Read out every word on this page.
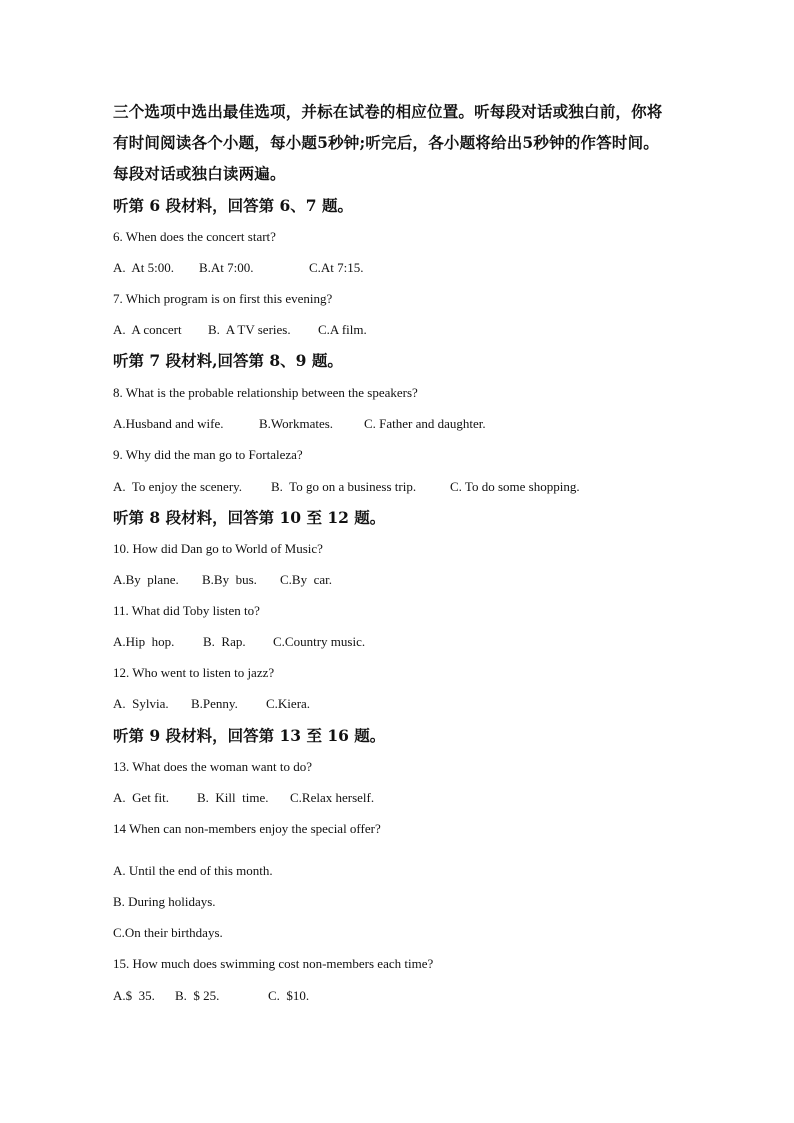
三个选项中选出最佳选项，并标在试卷的相应位置。听每段对话或独白前，你将
有时间阅读各个小题，每小题5秒钟;听完后，各小题将给出5秒钟的作答时间。
每段对话或独白读两遍。
听第 6 段材料，回答第 6、7 题。
6. When does the concert start?
A.  At 5:00. B.At 7:00.	C.At 7:15.
7. Which program is on first this evening?
A.  A concert B.  A TV series. C.A film.
听第 7 段材料,回答第 8、9 题。
8. What is the probable relationship between the speakers?
A.Husband and wife.	B.Workmates. C. Father and daughter.
9. Why did the man go to Fortaleza?
A.  To enjoy the scenery. B.  To go on a business trip.	C. To do some shopping.
听第 8 段材料，回答第 10 至 12 题。
10. How did Dan go to World of Music?
A.By  plane. B.By  bus. C.By  car.
11. What did Toby listen to?
A.Hip  hop. B.  Rap. C.Country music.
12. Who went to listen to jazz?
A.  Sylvia. B.Penny. C.Kiera.
听第 9 段材料，回答第 13 至 16 题。
13. What does the woman want to do?
A.  Get fit. B.  Kill  time. C.Relax herself.
14 When can non-members enjoy the special offer?
A. Until the end of this month.
B. During holidays.
C.On their birthdays.
15. How much does swimming cost non-members each time?
A.$  35. B.  $ 25.	C.  $10.
